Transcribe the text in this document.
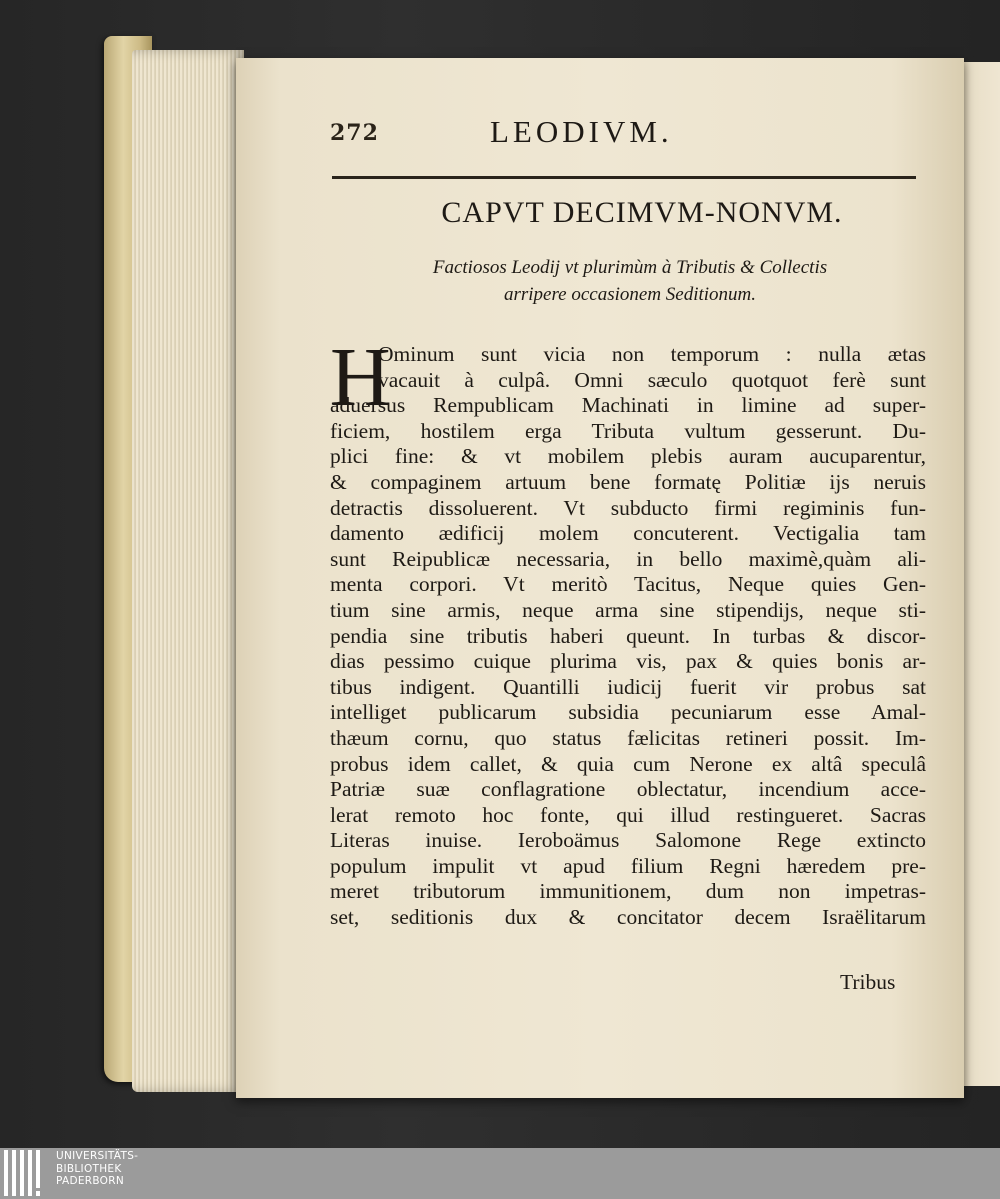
272	LEODIVM.
CAPVT DECIMVM-NONVM.
Factiosos Leodij vt plurimùm à Tributis & Collectis
arripere occasionem Seditionum.
H
Ominum sunt vicia non temporum : nulla ætas
vacauit à culpâ. Omni sæculo quotquot ferè sunt
aduersus Rempublicam Machinati in limine ad super-
ficiem, hostilem erga Tributa vultum gesserunt. Du-
plici fine: & vt mobilem plebis auram aucuparentur,
& compaginem artuum bene formatę Politiæ ijs neruis
detractis dissoluerent. Vt subducto firmi regiminis fun-
damento ædificij molem concuterent. Vectigalia tam
sunt Reipublicæ necessaria, in bello maximè,quàm ali-
menta corpori. Vt meritò Tacitus, Neque quies Gen-
tium sine armis, neque arma sine stipendijs, neque sti-
pendia sine tributis haberi queunt. In turbas & discor-
dias pessimo cuique plurima vis, pax & quies bonis ar-
tibus indigent. Quantilli iudicij fuerit vir probus sat
intelliget publicarum subsidia pecuniarum esse Amal-
thæum cornu, quo status fælicitas retineri possit. Im-
probus idem callet, & quia cum Nerone ex altâ speculâ
Patriæ suæ conflagratione oblectatur, incendium acce-
lerat remoto hoc fonte, qui illud restingueret. Sacras
Literas inuise. Ieroboämus Salomone Rege extincto
populum impulit vt apud filium Regni hæredem pre-
meret tributorum immunitionem, dum non impetras-
set, seditionis dux & concitator decem Israëlitarum
Tribus
UNIVERSITÄTS-
BIBLIOTHEK
PADERBORN
